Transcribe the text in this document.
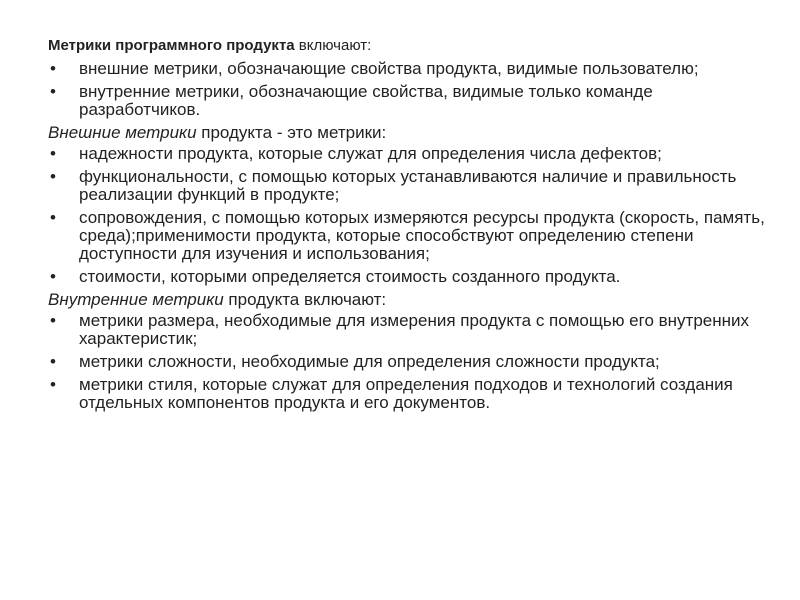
Метрики программного продукта включают:

• внешние метрики, обозначающие свойства продукта, видимые пользователю;
• внутренние метрики, обозначающие свойства, видимые только команде разработчиков.

Внешние метрики продукта - это метрики:

• надежности продукта, которые служат для определения числа дефектов;
• функциональности, с помощью которых устанавливаются наличие и правильность реализации функций в продукте;
• сопровождения, с помощью которых измеряются ресурсы продукта (скорость, память, среда);применимости продукта, которые способствуют определению степени доступности для изучения и использования;
• стоимости, которыми определяется стоимость созданного продукта.

Внутренние метрики продукта включают:

• метрики размера, необходимые для измерения продукта с помощью его внутренних характеристик;
• метрики сложности, необходимые для определения сложности продукта;
• метрики стиля, которые служат для определения подходов и технологий создания отдельных компонентов продукта и его документов.
